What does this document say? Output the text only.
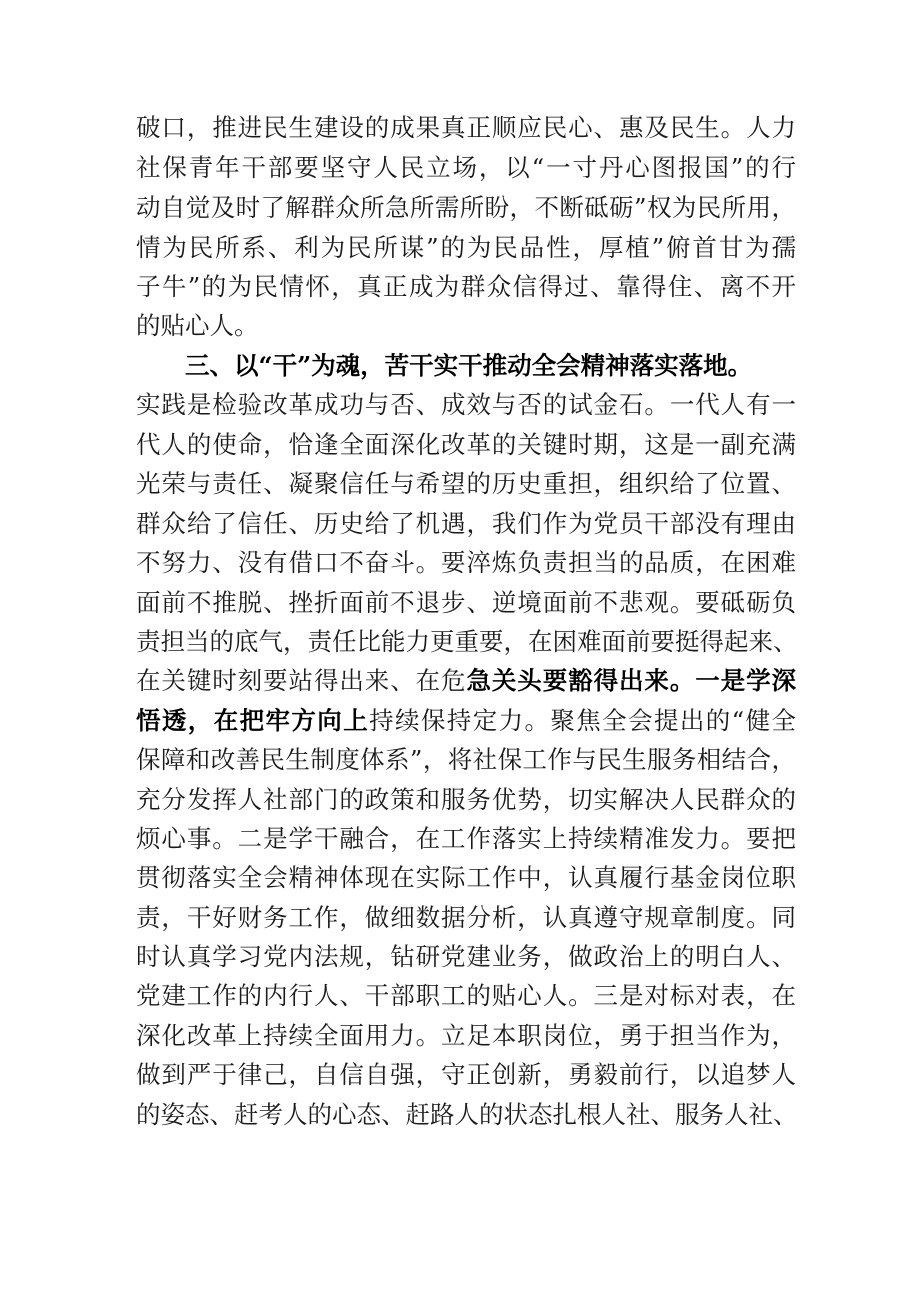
破口，推进民生建设的成果真正顺应民心、惠及民生。人力
社保青年干部要坚守人民立场，以“一寸丹心图报国”的行
动自觉及时了解群众所急所需所盼，不断砥砺”权为民所用，
情为民所系、利为民所谋”的为民品性，厚植”俯首甘为孺
子牛”的为民情怀，真正成为群众信得过、靠得住、离不开
的贴心人。
三、以“干”为魂，苦干实干推动全会精神落实落地。
实践是检验改革成功与否、成效与否的试金石。一代人有一
代人的使命，恰逢全面深化改革的关键时期，这是一副充满
光荣与责任、凝聚信任与希望的历史重担，组织给了位置、
群众给了信任、历史给了机遇，我们作为党员干部没有理由
不努力、没有借口不奋斗。要淬炼负责担当的品质，在困难
面前不推脱、挫折面前不退步、逆境面前不悲观。要砥砺负
责担当的底气，责任比能力更重要，在困难面前要挺得起来、
在关键时刻要站得出来、在危急关头要豁得出来。一是学深
悟透，在把牢方向上持续保持定力。聚焦全会提出的“健全
保障和改善民生制度体系”，将社保工作与民生服务相结合，
充分发挥人社部门的政策和服务优势，切实解决人民群众的
烦心事。二是学干融合，在工作落实上持续精准发力。要把
贯彻落实全会精神体现在实际工作中，认真履行基金岗位职
责，干好财务工作，做细数据分析，认真遵守规章制度。同
时认真学习党内法规，钻研党建业务，做政治上的明白人、
党建工作的内行人、干部职工的贴心人。三是对标对表，在
深化改革上持续全面用力。立足本职岗位，勇于担当作为，
做到严于律己，自信自强，守正创新，勇毅前行，以追梦人
的姿态、赶考人的心态、赶路人的状态扎根人社、服务人社、
